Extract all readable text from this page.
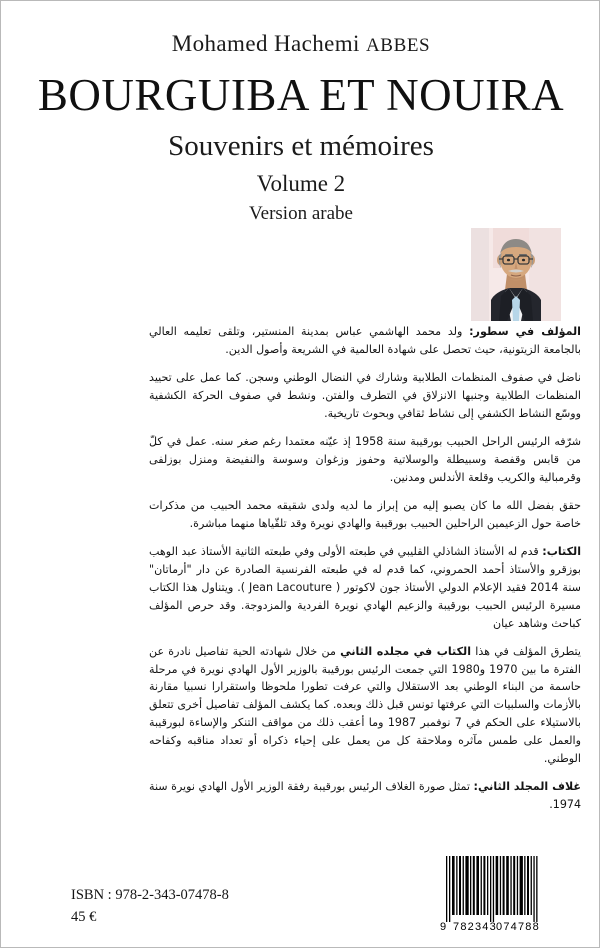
Mohamed Hachemi ABBES
BOURGUIBA ET NOUIRA
Souvenirs et mémoires
Volume 2
Version arabe

المؤلف في سطور: ولد محمد الهاشمي عباس بمدينة المنستير، وتلقى تعليمه العالي بالجامعة الزيتونية، حيث تحصل على شهادة العالمية في الشريعة وأصول الدين.

ناضل في صفوف المنظمات الطلابية وشارك في النضال الوطني وسجن. كما عمل على تحييد المنظمات الطلابية وجنبها الانزلاق في التطرف والفتن. ونشط في صفوف الحركة الكشفية ووسّع النشاط الكشفي إلى نشاط ثقافي وبحوث تاريخية.

شرّفه الرئيس الراحل الحبيب بورقيبة سنة 1958 إذ عيّنه معتمدا رغم صغر سنه. عمل في كلّ من قابس وقفصة وسبيطلة والوسلاتية وحفوز وزغوان وسوسة والنفيضة ومنزل بوزلفى وقرمبالية والكريب وقلعة الأندلس ومدنين.

حقق بفضل الله ما كان يصبو إليه من إبراز ما لديه ولدى شقيقه محمد الحبيب من مذكرات خاصة حول الزعيمين الراحلين الحبيب بورقيبة والهادي نويرة وقد تلقّياها منهما مباشرة.

الكتاب: قدم له الأستاذ الشاذلي القليبي في طبعته الأولى وفي طبعته الثانية الأستاذ عبد الوهب بوزقرو والأستاذ أحمد الحمروني، كما قدم له في طبعته الفرنسية الصادرة عن دار "أرماتان" سنة 2014 فقيد الإعلام الدولي الأستاذ جون لاكوتور ( Jean Lacouture ). ويتناول هذا الكتاب مسيرة الرئيس الحبيب بورقيبة والزعيم الهادي نويرة الفردية والمزدوجة. وقد حرص المؤلف كباحث وشاهد عيان

يتطرق المؤلف في هذا الكتاب في مجلده الثاني من خلال شهادته الحية تفاصيل نادرة عن الفترة ما بين 1970 و1980 التي جمعت الرئيس بورقيبة بالوزير الأول الهادي نويرة في مرحلة حاسمة من البناء الوطني بعد الاستقلال والتي عرفت تطورا ملحوظا واستقرارا نسبيا مقارنة بالأزمات والسلبيات التي عرفتها تونس قبل ذلك وبعده. كما يكشف المؤلف تفاصيل أخرى تتعلق بالاستيلاء على الحكم في 7 نوفمبر 1987 وما أعقب ذلك من مواقف التنكر والإساءة لبورقيبة والعمل على طمس مآثره وملاحقة كل من يعمل على إحياء ذكراه أو تعداد مناقبه وكفاحه الوطني.

غلاف المجلد الثاني: تمثل صورة الغلاف الرئيس بورقيبة رفقة الوزير الأول الهادي نويرة سنة 1974.

ISBN : 978-2-343-07478-8
45 €
9 782343 074788
